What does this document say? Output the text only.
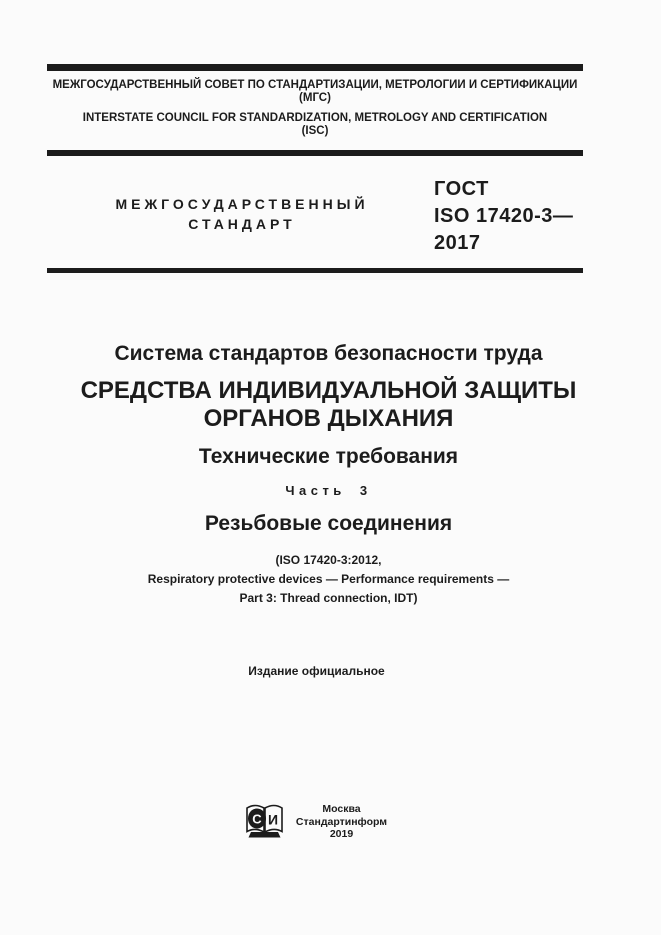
МЕЖГОСУДАРСТВЕННЫЙ СОВЕТ ПО СТАНДАРТИЗАЦИИ, МЕТРОЛОГИИ И СЕРТИФИКАЦИИ
(МГС)
INTERSTATE COUNCIL FOR STANDARDIZATION, METROLOGY AND CERTIFICATION
(ISC)
МЕЖГОСУДАРСТВЕННЫЙ
СТАНДАРТ
ГОСТ
ISO 17420-3—
2017
Система стандартов безопасности труда
СРЕДСТВА ИНДИВИДУАЛЬНОЙ ЗАЩИТЫ
ОРГАНОВ ДЫХАНИЯ
Технические требования
Часть 3
Резьбовые соединения
(ISO 17420-3:2012,
Respiratory protective devices — Performance requirements —
Part 3: Thread connection, IDT)
Издание официальное
С И
Москва
Стандартинформ
2019
